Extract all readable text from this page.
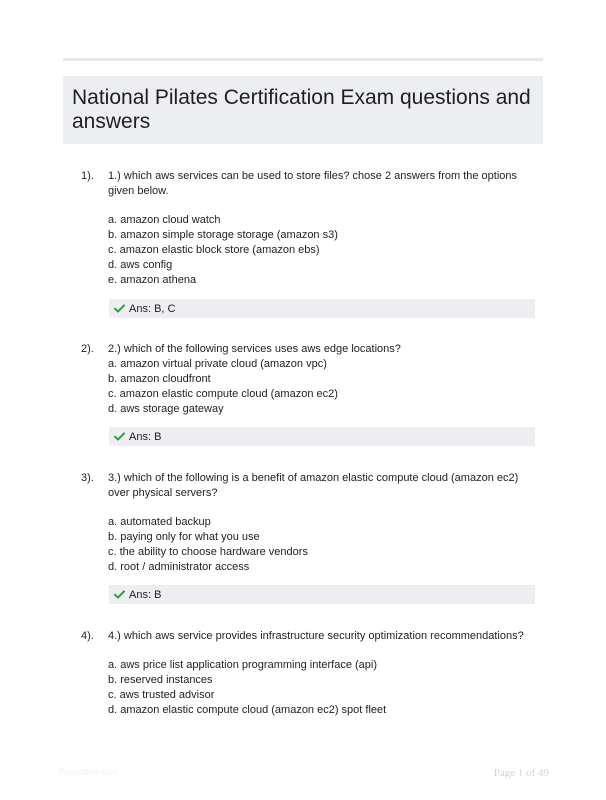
National Pilates Certification Exam questions and answers
1). 1.) which aws services can be used to store files? chose 2 answers from the options given below.
a. amazon cloud watch
b. amazon simple storage storage (amazon s3)
c. amazon elastic block store (amazon ebs)
d. aws config
e. amazon athena
Ans: B, C
2). 2.) which of the following services uses aws edge locations?
a. amazon virtual private cloud (amazon vpc)
b. amazon cloudfront
c. amazon elastic compute cloud (amazon ec2)
d. aws storage gateway
Ans: B
3). 3.) which of the following is a benefit of amazon elastic compute cloud (amazon ec2) over physical servers?
a. automated backup
b. paying only for what you use
c. the ability to choose hardware vendors
d. root / administrator access
Ans: B
4). 4.) which aws service provides infrastructure security optimization recommendations?
a. aws price list application programming interface (api)
b. reserved instances
c. aws trusted advisor
d. amazon elastic compute cloud (amazon ec2) spot fleet
Papertible.com	Page 1 of 49
